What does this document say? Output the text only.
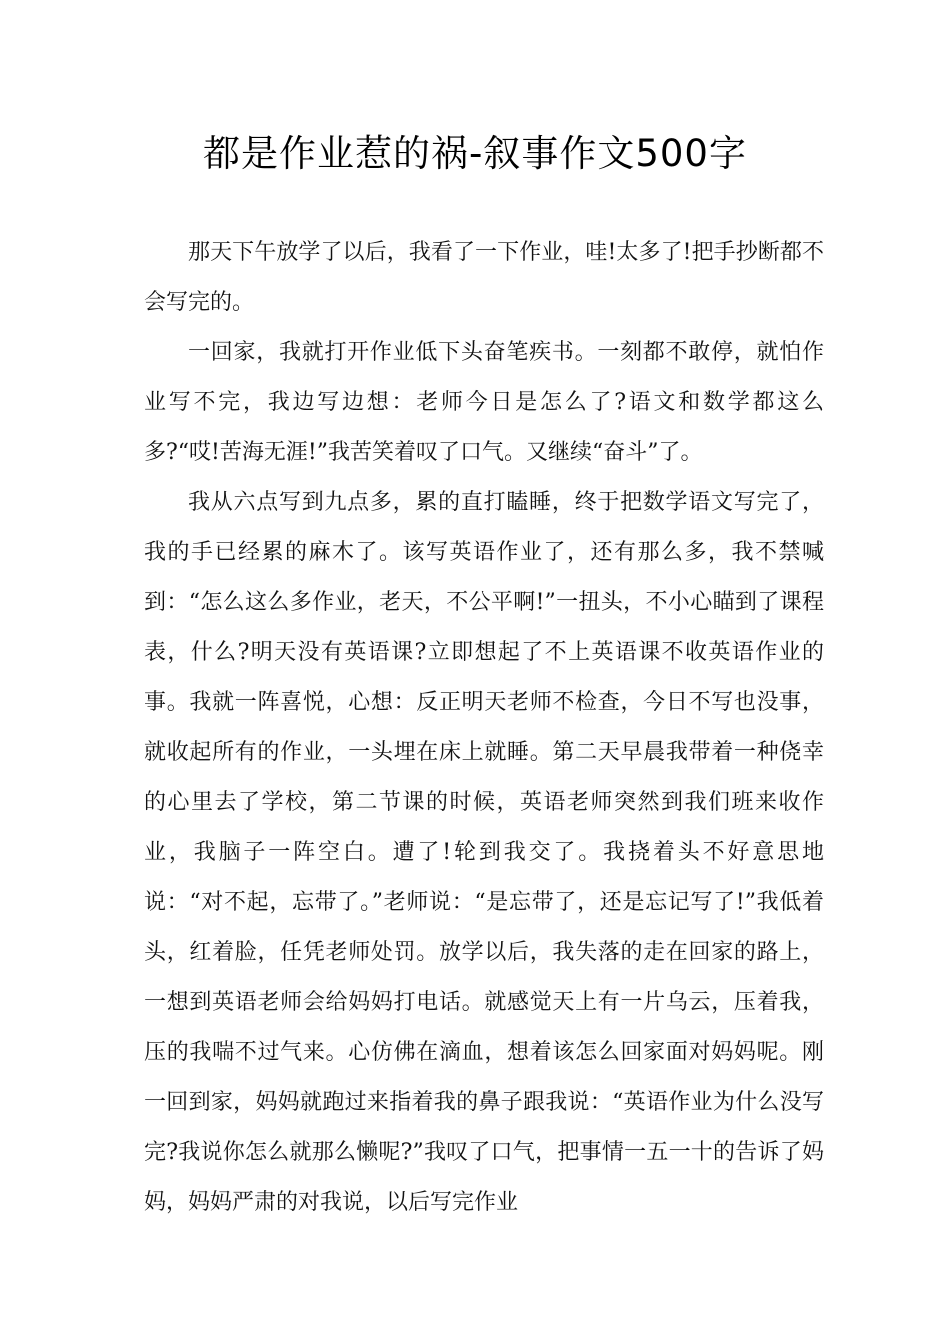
都是作业惹的祸-叙事作文500字

那天下午放学了以后，我看了一下作业，哇!太多了!把手抄断都不会写完的。

一回家，我就打开作业低下头奋笔疾书。一刻都不敢停，就怕作业写不完，我边写边想：老师今日是怎么了?语文和数学都这么多?“哎!苦海无涯!”我苦笑着叹了口气。又继续“奋斗”了。

我从六点写到九点多，累的直打瞌睡，终于把数学语文写完了，我的手已经累的麻木了。该写英语作业了，还有那么多，我不禁喊到：“怎么这么多作业，老天，不公平啊!”一扭头，不小心瞄到了课程表，什么?明天没有英语课?立即想起了不上英语课不收英语作业的事。我就一阵喜悦，心想：反正明天老师不检查，今日不写也没事，就收起所有的作业，一头埋在床上就睡。第二天早晨我带着一种侥幸的心里去了学校，第二节课的时候，英语老师突然到我们班来收作业，我脑子一阵空白。遭了!轮到我交了。我挠着头不好意思地说：“对不起，忘带了。”老师说：“是忘带了，还是忘记写了!”我低着头，红着脸，任凭老师处罚。放学以后，我失落的走在回家的路上，一想到英语老师会给妈妈打电话。就感觉天上有一片乌云，压着我，压的我喘不过气来。心仿佛在滴血，想着该怎么回家面对妈妈呢。刚一回到家，妈妈就跑过来指着我的鼻子跟我说：“英语作业为什么没写完?我说你怎么就那么懒呢?”我叹了口气，把事情一五一十的告诉了妈妈，妈妈严肃的对我说，以后写完作业
